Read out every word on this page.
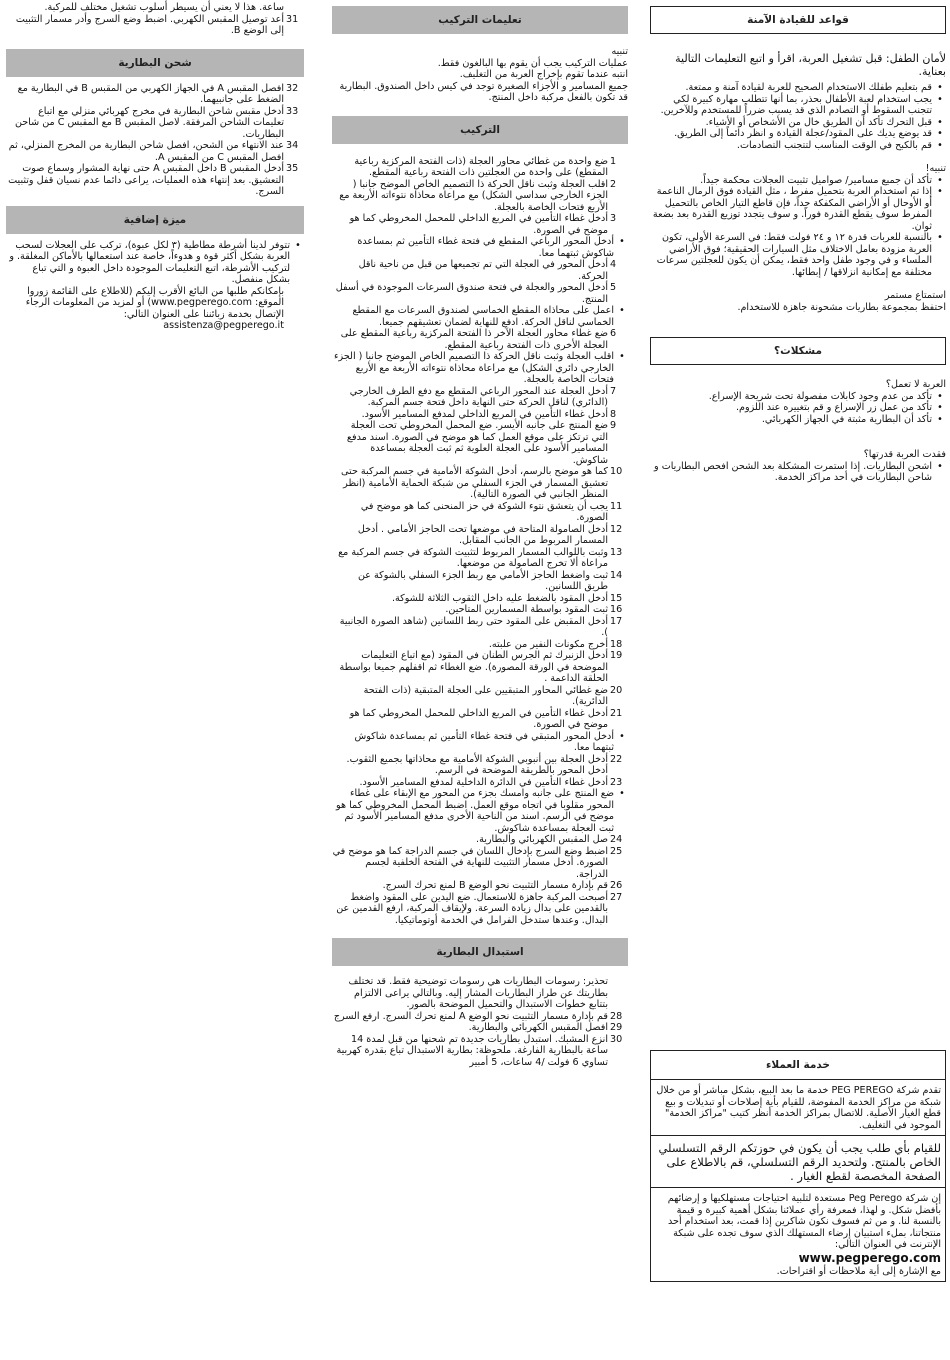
ساعة. هذا لا يعني أن يسيطر أسلوب تشغيل مختلف للمركبة.
31
أعد توصيل المقبس الكهربي. اضبط وضع السرج وأدر مسمار التثبيت إلى الوضع B.
شحن البطارية
32
افصل المقبس A في الجهاز الكهربي من المقبس B في البطارية مع الضغط على جانبيهما.
33
أدخل مقبس شاحن البطارية في مخرج كهربائي منزلي مع اتباع تعليمات الشاحن المرفقة. لاصل المقبس B مع المقبس C من شاحن البطاريات.
34
عند الانتهاء من الشحن، افصل شاحن البطارية من المخرج المنزلي، ثم افصل المقبس C من المقبس A.
35
أدخل المقبس B داخل المقبس A حتى نهاية المشوار وسماع صوت التعشيق. بعد إنتهاء هذه العمليات، يراعى دائما عدم نسيان قفل وتثبيت السرج.
ميزة إضافية
•
تتوفر لدينا أشرطة مطاطية (٣ لكل عبوة)، تركب على العجلات لسحب العربة بشكل أكثر قوة و هدوءاً، خاصة عند استعمالها بالأماكن المغلقة. و لتركيب الأشرطة، اتبع التعليمات الموجودة داخل العبوة و التي تباع بشكل منفصل.
بإمكانكم طلبها من البائع الأقرب إليكم (للاطلاع على القائمة زوروا الموقع: www.pegperego.com) أو لمزيد من المعلومات الرجاء الإتصال بخدمة زبائننا على العنوان التالي:
assistenza@pegperego.it
تعليمات التركيب

تنبيه

عمليات التركيب يجب أن يقوم بها البالغون فقط.

انتبه عندما تقوم بإخراج العربة من التغليف.

جميع المسامير و الأجزاء الصغيرة توجد في كيس داخل الصندوق. البطارية قد تكون بالفعل مركبة داخل المنتج.

التركيب
1
ضع واحدة من غطائي محاور العجلة (ذات الفتحة المركزية رباعية المقطع) على واحدة من العجلتين ذات الفتحة رباعية المقطع.
2
اقلب العجلة وثبت ناقل الحركة ذا التصميم الخاص الموضح جانبا ( الجزء الخارجي سداسي الشكل) مع مراعاة محاذاة نتوءاته الأربعة مع الأربع فتحات الخاصة بالعجلة.
3
أدخل غطاء التأمين في المربع الداخلي للمحمل المخروطي كما هو موضح في الصورة.
•
أدخل المحور الرباعي المقطع في فتحة غطاء التأمين ثم بمساعدة شاكوش ثبتهما معا.
4
أدخل المحور في العجلة التي تم تجميعها من قبل من ناحية ناقل الحركة.
5
أدخل المحور والعجلة في فتحة صندوق السرعات الموجودة في أسفل المنتج.
•
اعمل على محاذاة المقطع الخماسي لصندوق السرعات مع المقطع الخماسي لناقل الحركة. ادفع للنهاية لضمان تعشيقهم جميعا.
6
ضع غطاء محاور العجلة الآخر ذا الفتحة المركزية رباعية المقطع على العجلة الأخرى ذات الفتحة رباعية المقطع.
•
اقلب العجلة وثبت ناقل الحركة ذا التصميم الخاص الموضح جانبا ( الجزء الخارجي دائري الشكل) مع مراعاة محاذاة نتوءاته الأربعة مع الأربع فتحات الخاصة بالعجلة.
7
أدخل العجلة عند المحور الرباعي المقطع مع دفع الطرف الخارجي (الدائري) لناقل الحركة حتى النهاية داخل فتحة جسم المركبة.
8
أدخل غطاء التأمين في المربع الداخلي لمدفع المسامير الأسود.
9
ضع المنتج على جانبه الأيسر. ضع المحمل المخروطي تحت العجلة التي ترتكز على موقع العمل كما هو موضح في الصورة. اسند مدفع المسامير الأسود على العجلة العلوية ثم ثبت العجلة بمساعدة شاكوش.
10
كما هو موضح بالرسم، أدخل الشوكة الأمامية في جسم المركبة حتى تعشيق المسمار في الجزء السفلي من شبكة الحماية الأمامية (انظر المنظر الجانبي في الصورة التالية).
11
يجب أن يتعشق نتوء الشوكة في حز المنحنى كما هو موضح في الصورة.
12
أدخل الصامولة المتاحة في موضعها تحت الحاجز الأمامي . أدخل المسمار المربوط من الجانب المقابل.
13
وثبت باللوالب المسمار المربوط لتثبيت الشوكة في جسم المركبة مع مراعاة ألا تخرج الصامولة من موضعها.
14
ثبت واضغط الحاجز الأمامي مع ربط الجزء السفلي بالشوكة عن طريق اللسانين.
15
أدخل المقود بالضغط عليه داخل الثقوب الثلاثة للشوكة.
16
ثبت المقود بواسطة المسمارين المتاحين.
17
أدخل المقبض على المقود حتى ربط اللسانين (شاهد الصورة الجانبية ).
18
أخرج مكونات النفير من علبته.
19
أدخل الزنبرك ثم الجرس الطنان في المقود (مع اتباع التعليمات الموضحة في الورقة المصورة). ضع الغطاء ثم اقفلهم جميعا بواسطة الحلقة الداعمة .
20
ضع غطائي المحاور المتبقيين على العجلة المتبقية (ذات الفتحة الدائرية).
21
أدخل غطاء التأمين في المربع الداخلي للمحمل المخروطي كما هو موضح في الصورة.
•
أدخل المحور المتبقي في فتحة غطاء التأمين ثم بمساعدة شاكوش ثبتهما معا.
22
أدخل العجلة بين أنبوبي الشوكة الأمامية مع محاذاتها بجميع الثقوب. أدخل المحور بالطريقة الموضحة في الرسم.
23
أدخل غطاء التأمين في الدائرة الداخلية لمدفع المسامير الأسود.
•
ضع المنتج على جانبه وامسك بجزء من المحور مع الإبقاء على غطاء المحور مقلوبا في اتجاه موقع العمل. اضبط المحمل المخروطي كما هو موضح في الرسم. اسند من الناحية الأخرى مدفع المسامير الأسود ثم ثبت العجلة بمساعدة شاكوش.
24
صل المقبس الكهربائي والبطارية.
25
اضبط وضع السرج بإدخال اللسان في جسم الدراجة كما هو موضح في الصورة. أدخل مسمار التثبيت للنهاية في الفتحة الخلفية لجسم الدراجة.
26
قم بإدارة مسمار التثبيت نحو الوضع B لمنع تحرك السرج.
27
أصبحت المركبة جاهزة للاستعمال. ضع اليدين على المقود واضغط بالقدمين على بدال زيادة السرعة. ولإيقاف المركبة، ارفع القدمين عن البدال. وعندها ستدخل الفرامل في الخدمة أوتوماتيكيا.
استبدال البطارية
تحذير: رسومات البطاريات هي رسومات توضيحية فقط. قد تختلف بطاريتك عن طراز البطاريات المشار إليه. وبالتالي يراعى الالتزام بتتابع خطوات الاستبدال والتحميل الموضحة بالصور.
28
قم بإدارة مسمار التثبيت نحو الوضع A لمنع تحرك السرج. ارفع السرج
29
افصل المقبس الكهربائي والبطارية.
30
انزع المشبك. استبدل بطاريات جديدة تم شحنها من قبل لمدة 14 ساعة بالبطارية الفارغة. ملحوظة: بطارية الاستبدال تباع بقدرة كهربية تساوي 6 فولت /4 ساعات، 5 أمبير
قواعد للقيادة الآمنة

لأمان الطفل: قبل تشغيل العربة، اقرأ و اتبع التعليمات التالية بعناية.

•
قم بتعليم طفلك الاستخدام الصحيح للعربة لقيادة آمنة و ممتعة.
•
يجب استخدام لعبة الأطفال بحذر، بما أنها تتطلب مهارة كبيرة لكي تتجنب السقوط أو التصادم الذي قد يسبب ضرراً للمستخدم وللآخرين.
•
قبل التحرك تأكد أن الطريق خال من الأشخاص أو الأشياء.
•
قد يوضع يديك على المقود/عجلة القيادة و انظر دائماً إلى الطريق.
•
قم بالكبح في الوقت المناسب لتتجنب التصادمات.

تنبيه!

•
تأكد أن جميع مسامير/ صواميل تثبيت العجلات محكمة جيداً.
•
إذا تم استخدام العربة بتحميل مفرط ، مثل القيادة فوق الرمال الناعمة أو الأوحال أو الأراضي المكفكة جداً، فإن قاطع التيار الخاص بالتحميل المفرط سوف يقطع القدرة فوراً. و سوف يتجدد توزيع القدرة بعد بضعة ثوان.
•
بالنسبة للعربات قدرة ١٢ و ٢٤ فولت فقط: في السرعة الأولى، تكون العربة مزودة بعامل الاختلاف مثل السيارات الحقيقية؛ فوق الأراضي الملساء و في وجود طفل واحد فقط، يمكن أن يكون للعجلتين سرعات مختلفة مع إمكانية انزلاقها / إبطائها.

استمتاع مستمر

احتفظ بمجموعة بطاريات مشحونة جاهزة للاستخدام.

مشكلات؟

العربة لا تعمل؟

•
تأكد من عدم وجود كابلات مفصولة تحت شريحة الإسراع.
•
تأكد من عمل زر الإسراع و قم بتغييره عند اللزوم.
•
تأكد أن البطارية مثبتة في الجهاز الكهربائي.

فقدت العربة قدرتها؟

•
اشحن البطاريات. إذا استمرت المشكلة بعد الشحن افحص البطاريات و شاحن البطاريات في أحد مراكز الخدمة.
خدمة العملاء

تقدم شركة PEG PEREGO خدمة ما بعد البيع، بشكل مباشر أو من خلال شبكة من مراكز الخدمة المفوضة، للقيام بأية إصلاحات أو تبديلات و بيع قطع الغيار الأصلية. للاتصال بمراكز الخدمة أنظر كتيب "مراكز الخدمة" الموجود في التغليف.

للقيام بأي طلب يجب أن يكون في حوزتكم الرقم التسلسلي الخاص بالمنتج. ولتحديد الرقم التسلسلي، قم بالاطلاع على الصفحة المخصصة لقطع الغيار .

إن شركة Peg Perego مستعدة لتلبية احتياجات مستهلكيها و إرضائهم بأفضل شكل. و لهذا، فمعرفة رأي عملائنا بشكل أهمية كبيرة و قيمة بالنسبة لنا. و من ثم فسوف نكون شاكرين إذا قمت، بعد استخدام أحد منتجاتنا، بملء استبيان إرضاء المستهلك الذي سوف تجده على شبكة الإنترنت في العنوان التالي:

www.pegperego.com

مع الإشارة إلى أية ملاحظات أو اقتراحات.
